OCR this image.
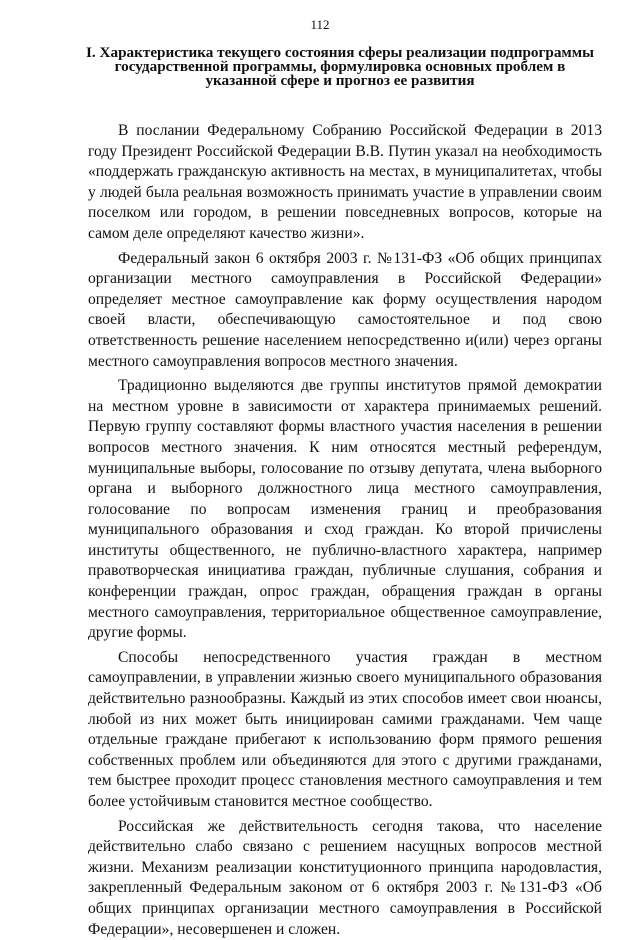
112
I. Характеристика текущего состояния сферы реализации подпрограммы государственной программы, формулировка основных проблем в указанной сфере и прогноз ее развития

В послании Федеральному Собранию Российской Федерации в 2013 году Президент Российской Федерации В.В. Путин указал на необходимость «поддержать гражданскую активность на местах, в муниципалитетах, чтобы у людей была реальная возможность принимать участие в управлении своим поселком или городом, в решении повседневных вопросов, которые на самом деле определяют качество жизни».

Федеральный закон 6 октября 2003 г. №131-ФЗ «Об общих принципах организации местного самоуправления в Российской Федерации» определяет местное самоуправление как форму осуществления народом своей власти, обеспечивающую самостоятельное и под свою ответственность решение населением непосредственно и(или) через органы местного самоуправления вопросов местного значения.

Традиционно выделяются две группы институтов прямой демократии на местном уровне в зависимости от характера принимаемых решений. Первую группу составляют формы властного участия населения в решении вопросов местного значения. К ним относятся местный референдум, муниципальные выборы, голосование по отзыву депутата, члена выборного органа и выборного должностного лица местного самоуправления, голосование по вопросам изменения границ и преобразования муниципального образования и сход граждан. Ко второй причислены институты общественного, не публично-властного характера, например правотворческая инициатива граждан, публичные слушания, собрания и конференции граждан, опрос граждан, обращения граждан в органы местного самоуправления, территориальное общественное самоуправление, другие формы.

Способы непосредственного участия граждан в местном самоуправлении, в управлении жизнью своего муниципального образования действительно разнообразны. Каждый из этих способов имеет свои нюансы, любой из них может быть инициирован самими гражданами. Чем чаще отдельные граждане прибегают к использованию форм прямого решения собственных проблем или объединяются для этого с другими гражданами, тем быстрее проходит процесс становления местного самоуправления и тем более устойчивым становится местное сообщество.

Российская же действительность сегодня такова, что население действительно слабо связано с решением насущных вопросов местной жизни. Механизм реализации конституционного принципа народовластия, закрепленный Федеральным законом от 6 октября 2003 г. №131-ФЗ «Об общих принципах организации местного самоуправления в Российской Федерации», несовершенен и сложен.
